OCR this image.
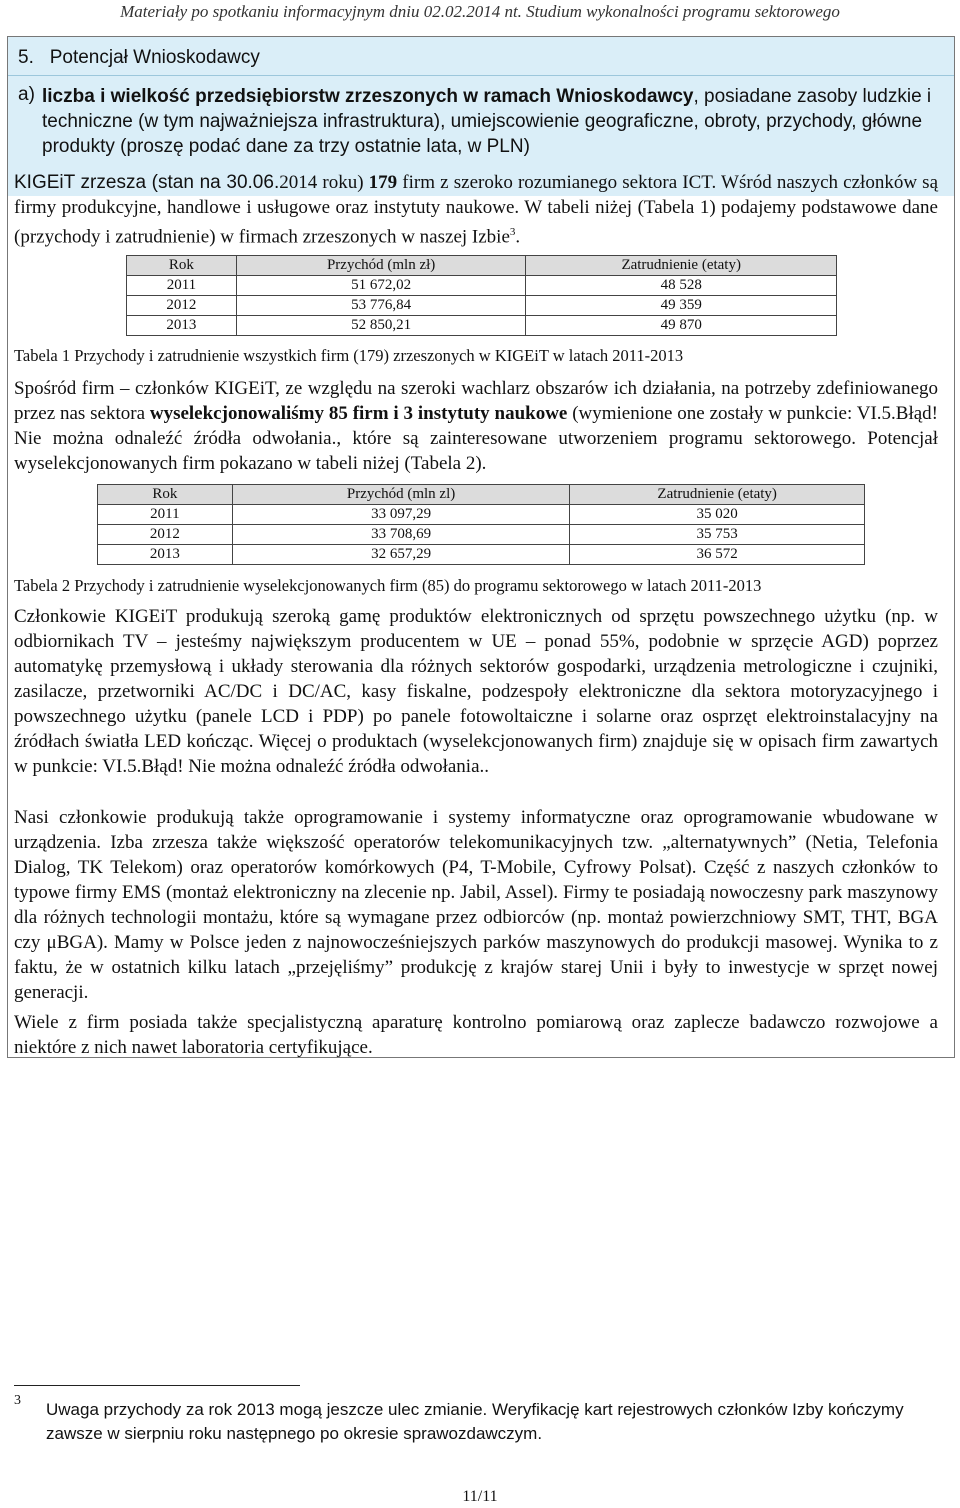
Materiały po spotkaniu informacyjnym dniu 02.02.2014 nt. Studium wykonalności programu sektorowego
5. Potencjał Wnioskodawcy
a) liczba i wielkość przedsiębiorstw zrzeszonych w ramach Wnioskodawcy, posiadane zasoby ludzkie i techniczne (w tym najważniejsza infrastruktura), umiejscowienie geograficzne, obroty, przychody, główne produkty (proszę podać dane za trzy ostatnie lata, w PLN)
KIGEiT zrzesza (stan na 30.06.2014 roku) 179 firm z szeroko rozumianego sektora ICT. Wśród naszych członków są firmy produkcyjne, handlowe i usługowe oraz instytuty naukowe. W tabeli niżej (Tabela 1) podajemy podstawowe dane (przychody i zatrudnienie) w firmach zrzeszonych w naszej Izbie$^3$.
Rok	Przychód (mln zł)	Zatrudnienie (etaty)
2011	51 672,02	48 528
2012	53 776,84	49 359
2013	52 850,21	49 870
Tabela 1 Przychody i zatrudnienie wszystkich firm (179) zrzeszonych w KIGEiT w latach 2011-2013
Spośród firm – członków KIGEiT, ze względu na szeroki wachlarz obszarów ich działania, na potrzeby zdefiniowanego przez nas sektora wyselekcjonowaliśmy 85 firm i 3 instytuty naukowe (wymienione one zostały w punkcie: VI.5.Błąd! Nie można odnaleźć źródła odwołania., które są zainteresowane utworzeniem programu sektorowego. Potencjał wyselekcjonowanych firm pokazano w tabeli niżej (Tabela 2).
Rok	Przychód (mln zl)	Zatrudnienie (etaty)
2011	33 097,29	35 020
2012	33 708,69	35 753
2013	32 657,29	36 572
Tabela 2 Przychody i zatrudnienie wyselekcjonowanych firm (85) do programu sektorowego w latach 2011-2013
Członkowie KIGEiT produkują szeroką gamę produktów elektronicznych od sprzętu powszechnego użytku (np. w odbiornikach TV – jesteśmy największym producentem w UE – ponad 55%, podobnie w sprzęcie AGD) poprzez automatykę przemysłową i układy sterowania dla różnych sektorów gospodarki, urządzenia metrologiczne i czujniki, zasilacze, przetworniki AC/DC i DC/AC, kasy fiskalne, podzespoły elektroniczne dla sektora motoryzacyjnego i powszechnego użytku (panele LCD i PDP) po panele fotowoltaiczne i solarne oraz osprzęt elektroinstalacyjny na źródłach światła LED kończąc. Więcej o produktach (wyselekcjonowanych firm) znajduje się w opisach firm zawartych w punkcie: VI.5.Błąd! Nie można odnaleźć źródła odwołania..
Nasi członkowie produkują także oprogramowanie i systemy informatyczne oraz oprogramowanie wbudowane w urządzenia. Izba zrzesza także większość operatorów telekomunikacyjnych tzw. „alternatywnych” (Netia, Telefonia Dialog, TK Telekom) oraz operatorów komórkowych (P4, T-Mobile, Cyfrowy Polsat). Część z naszych członków to typowe firmy EMS (montaż elektroniczny na zlecenie np. Jabil, Assel). Firmy te posiadają nowoczesny park maszynowy dla różnych technologii montażu, które są wymagane przez odbiorców (np. montaż powierzchniowy SMT, THT, BGA czy μBGA). Mamy w Polsce jeden z najnowocześniejszych parków maszynowych do produkcji masowej. Wynika to z faktu, że w ostatnich kilku latach „przejęliśmy” produkcję z krajów starej Unii i były to inwestycje w sprzęt nowej generacji.
Wiele z firm posiada także specjalistyczną aparaturę kontrolno pomiarową oraz zaplecze badawczo rozwojowe a niektóre z nich nawet laboratoria certyfikujące.
3 Uwaga przychody za rok 2013 mogą jeszcze ulec zmianie. Weryfikację kart rejestrowych członków Izby kończymy zawsze w sierpniu roku następnego po okresie sprawozdawczym.
11/11
